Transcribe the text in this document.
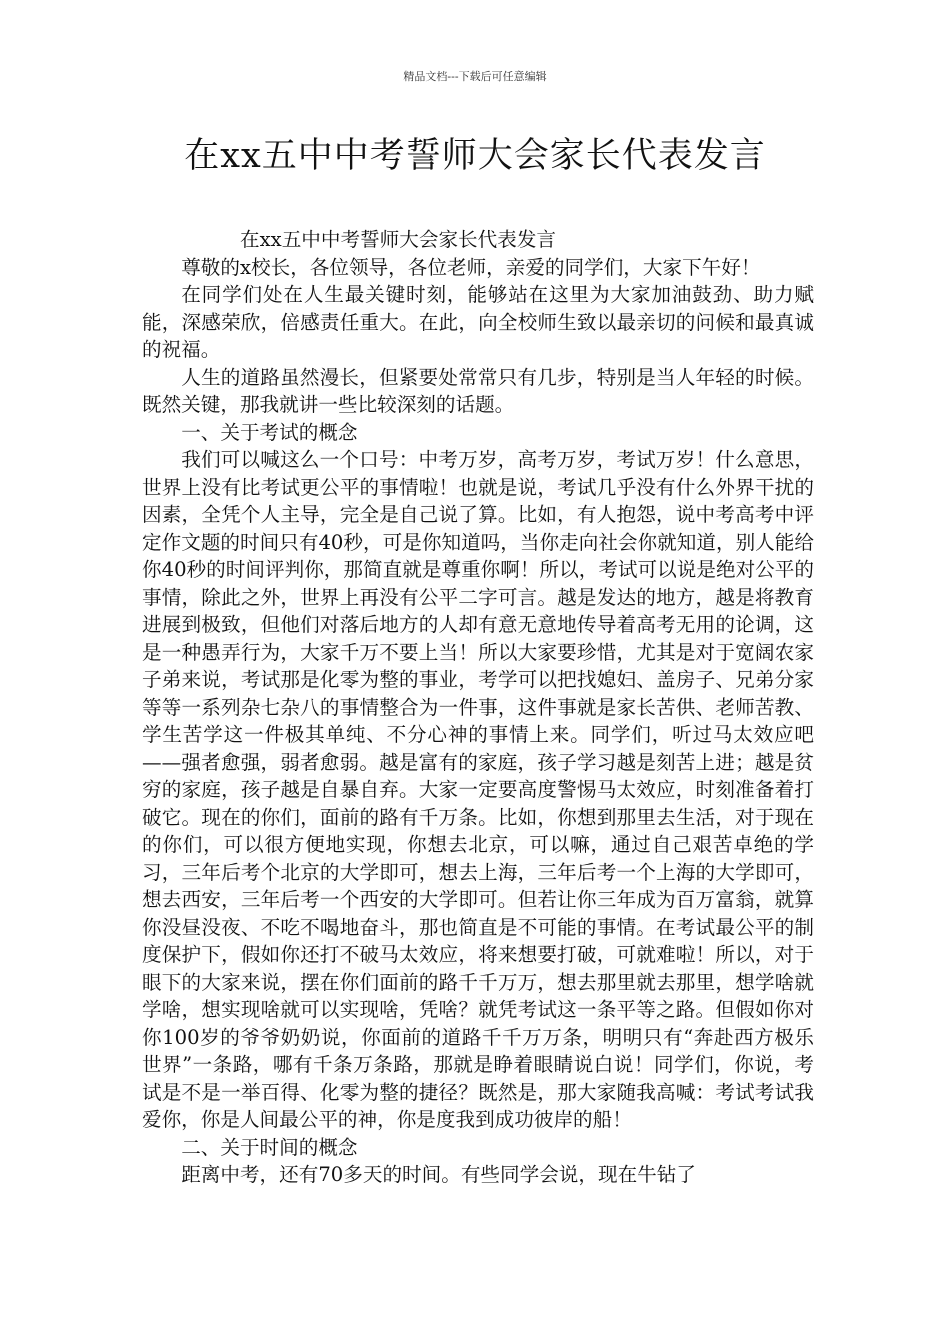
精品文档---下载后可任意编辑
在xx五中中考誓师大会家长代表发言

在xx五中中考誓师大会家长代表发言

尊敬的x校长，各位领导，各位老师，亲爱的同学们，大家下午好！

在同学们处在人生最关键时刻，能够站在这里为大家加油鼓劲、助力赋能，深感荣欣，倍感责任重大。在此，向全校师生致以最亲切的问候和最真诚的祝福。

人生的道路虽然漫长，但紧要处常常只有几步，特别是当人年轻的时候。既然关键，那我就讲一些比较深刻的话题。

一、关于考试的概念

我们可以喊这么一个口号：中考万岁，高考万岁，考试万岁！什么意思，世界上没有比考试更公平的事情啦！也就是说，考试几乎没有什么外界干扰的因素，全凭个人主导，完全是自己说了算。比如，有人抱怨，说中考高考中评定作文题的时间只有40秒，可是你知道吗，当你走向社会你就知道，别人能给你40秒的时间评判你，那简直就是尊重你啊！所以，考试可以说是绝对公平的事情，除此之外，世界上再没有公平二字可言。越是发达的地方，越是将教育进展到极致，但他们对落后地方的人却有意无意地传导着高考无用的论调，这是一种愚弄行为，大家千万不要上当！所以大家要珍惜，尤其是对于宽阔农家子弟来说，考试那是化零为整的事业，考学可以把找媳妇、盖房子、兄弟分家等等一系列杂七杂八的事情整合为一件事，这件事就是家长苦供、老师苦教、学生苦学这一件极其单纯、不分心神的事情上来。同学们，听过马太效应吧——强者愈强，弱者愈弱。越是富有的家庭，孩子学习越是刻苦上进；越是贫穷的家庭，孩子越是自暴自弃。大家一定要高度警惕马太效应，时刻准备着打破它。现在的你们，面前的路有千万条。比如，你想到那里去生活，对于现在的你们，可以很方便地实现，你想去北京，可以嘛，通过自己艰苦卓绝的学习，三年后考个北京的大学即可，想去上海，三年后考一个上海的大学即可，想去西安，三年后考一个西安的大学即可。但若让你三年成为百万富翁，就算你没昼没夜、不吃不喝地奋斗，那也简直是不可能的事情。在考试最公平的制度保护下，假如你还打不破马太效应，将来想要打破，可就难啦！所以，对于眼下的大家来说，摆在你们面前的路千千万万，想去那里就去那里，想学啥就学啥，想实现啥就可以实现啥，凭啥？就凭考试这一条平等之路。但假如你对你100岁的爷爷奶奶说，你面前的道路千千万万条，明明只有“奔赴西方极乐世界”一条路，哪有千条万条路，那就是睁着眼睛说白说！同学们，你说，考试是不是一举百得、化零为整的捷径？既然是，那大家随我高喊：考试考试我爱你，你是人间最公平的神，你是度我到成功彼岸的船！

二、关于时间的概念

距离中考，还有70多天的时间。有些同学会说，现在牛钻了
